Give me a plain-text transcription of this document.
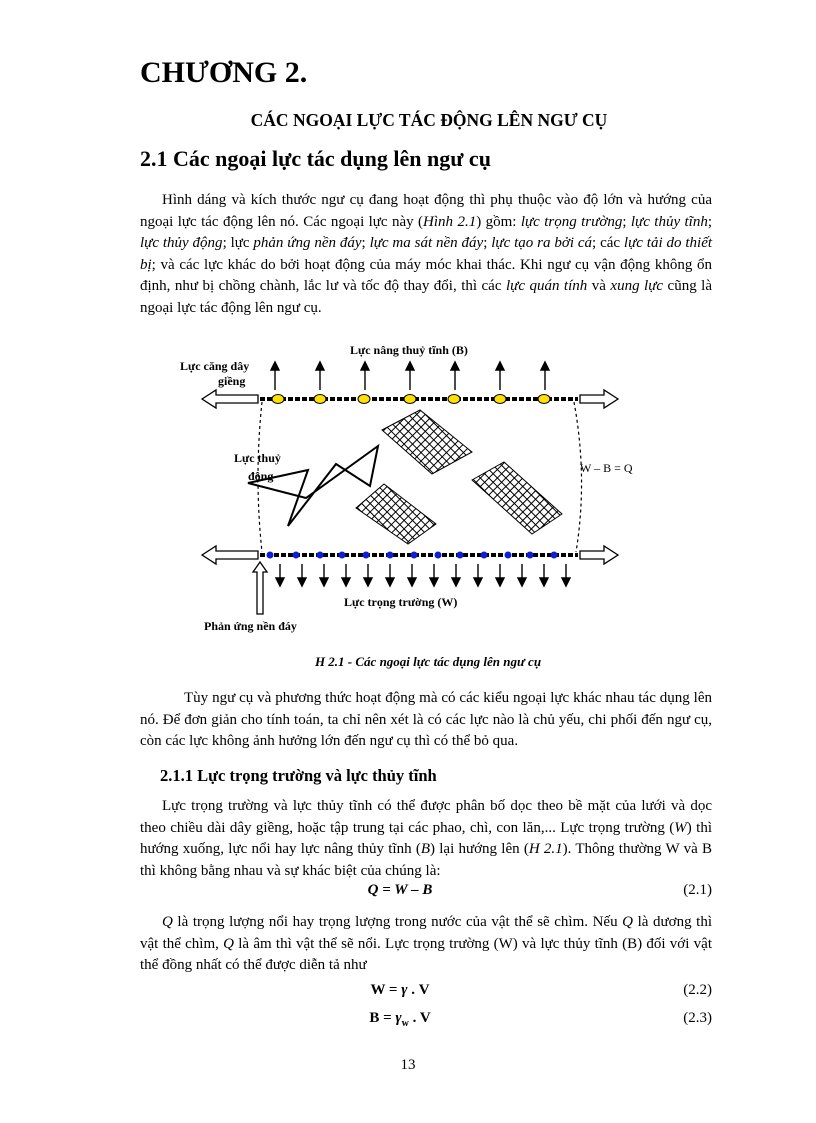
CHƯƠNG 2.
CÁC NGOẠI LỰC TÁC ĐỘNG LÊN NGƯ CỤ
2.1 Các ngoại lực tác dụng lên ngư cụ

Hình dáng và kích thước ngư cụ đang hoạt động thì phụ thuộc vào độ lớn và hướng của ngoại lực tác động lên nó. Các ngoại lực này (Hình 2.1) gồm: lực trọng trường; lực thủy tĩnh; lực thủy động; lực phản ứng nền đáy; lực ma sát nền đáy; lực tạo ra bởi cá; các lực tải do thiết bị; và các lực khác do bởi hoạt động của máy móc khai thác. Khi ngư cụ vận động không ổn định, như bị chồng chành, lắc lư và tốc độ thay đổi, thì các lực quán tính và xung lực cũng là ngoại lực tác động lên ngư cụ.

Lực nâng thuỷ tĩnh (B)
Lực căng dây
giềng
W – B = Q
Lực thuỷ
động
Lực trọng trường (W)
Phản ứng nền đáy
H 2.1 - Các ngoại lực tác dụng lên ngư cụ

Tùy ngư cụ và phương thức hoạt động mà có các kiểu ngoại lực khác nhau tác dụng lên nó. Để đơn giản cho tính toán, ta chỉ nên xét là có các lực nào là chủ yếu, chi phối đến ngư cụ, còn các lực không ảnh hưởng lớn đến ngư cụ thì có thể bỏ qua.

2.1.1 Lực trọng trường và lực thủy tĩnh

Lực trọng trường và lực thủy tĩnh có thể được phân bố dọc theo bề mặt của lưới và dọc theo chiều dài dây giềng, hoặc tập trung tại các phao, chì, con lăn,... Lực trọng trường (W) thì hướng xuống, lực nổi hay lực nâng thủy tĩnh (B) lại hướng lên (H 2.1). Thông thường W và B thì không bằng nhau và sự khác biệt của chúng là:

Q = W – B	(2.1)

Q là trọng lượng nổi hay trọng lượng trong nước của vật thể sẽ chìm. Nếu Q là dương thì vật thể chìm, Q là âm thì vật thể sẽ nổi. Lực trọng trường (W) và lực thủy tĩnh (B) đối với vật thể đồng nhất có thể được diễn tả như

W = γ . V	(2.2)
$B = \gamma_w$ . V	(2.3)
13
